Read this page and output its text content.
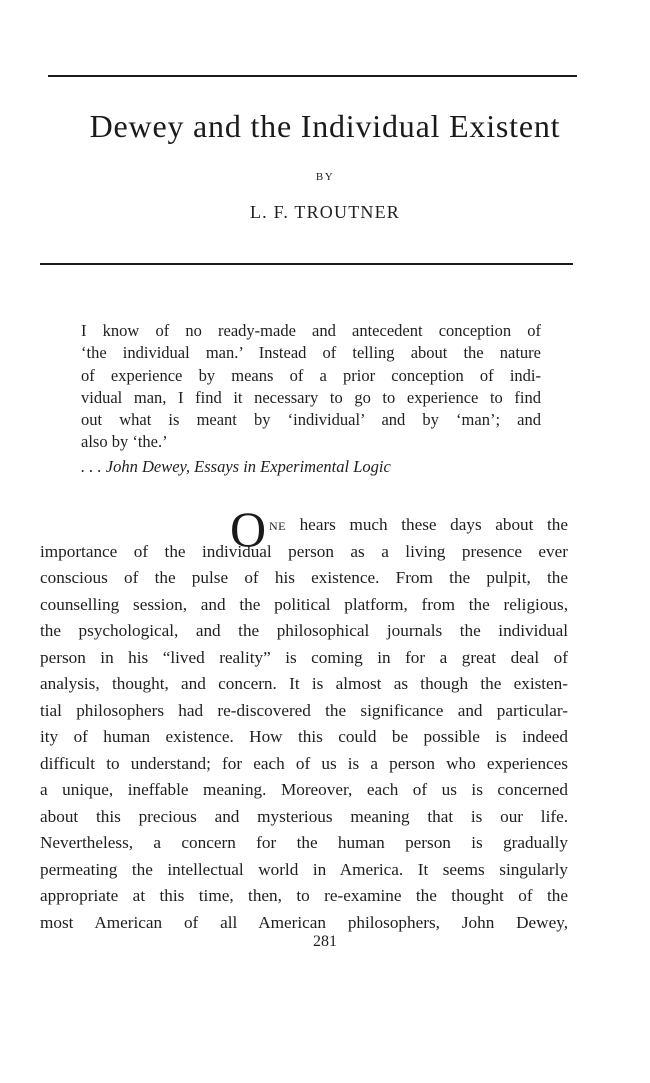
Dewey and the Individual Existent
BY
L. F. TROUTNER
I know of no ready-made and antecedent conception of
‘the individual man.’ Instead of telling about the nature
of experience by means of a prior conception of indi-
vidual man, I find it necessary to go to experience to find
out what is meant by ‘individual’ and by ‘man’; and
also by ‘the.’
. . . John Dewey, Essays in Experimental Logic
O NE hears much these days about the
importance of the individual person as a living presence ever
conscious of the pulse of his existence. From the pulpit, the
counselling session, and the political platform, from the religious,
the psychological, and the philosophical journals the individual
person in his “lived reality” is coming in for a great deal of
analysis, thought, and concern. It is almost as though the existen-
tial philosophers had re-discovered the significance and particular-
ity of human existence. How this could be possible is indeed
difficult to understand; for each of us is a person who experiences
a unique, ineffable meaning. Moreover, each of us is concerned
about this precious and mysterious meaning that is our life.
Nevertheless, a concern for the human person is gradually
permeating the intellectual world in America. It seems singularly
appropriate at this time, then, to re-examine the thought of the
most American of all American philosophers, John Dewey,
281
